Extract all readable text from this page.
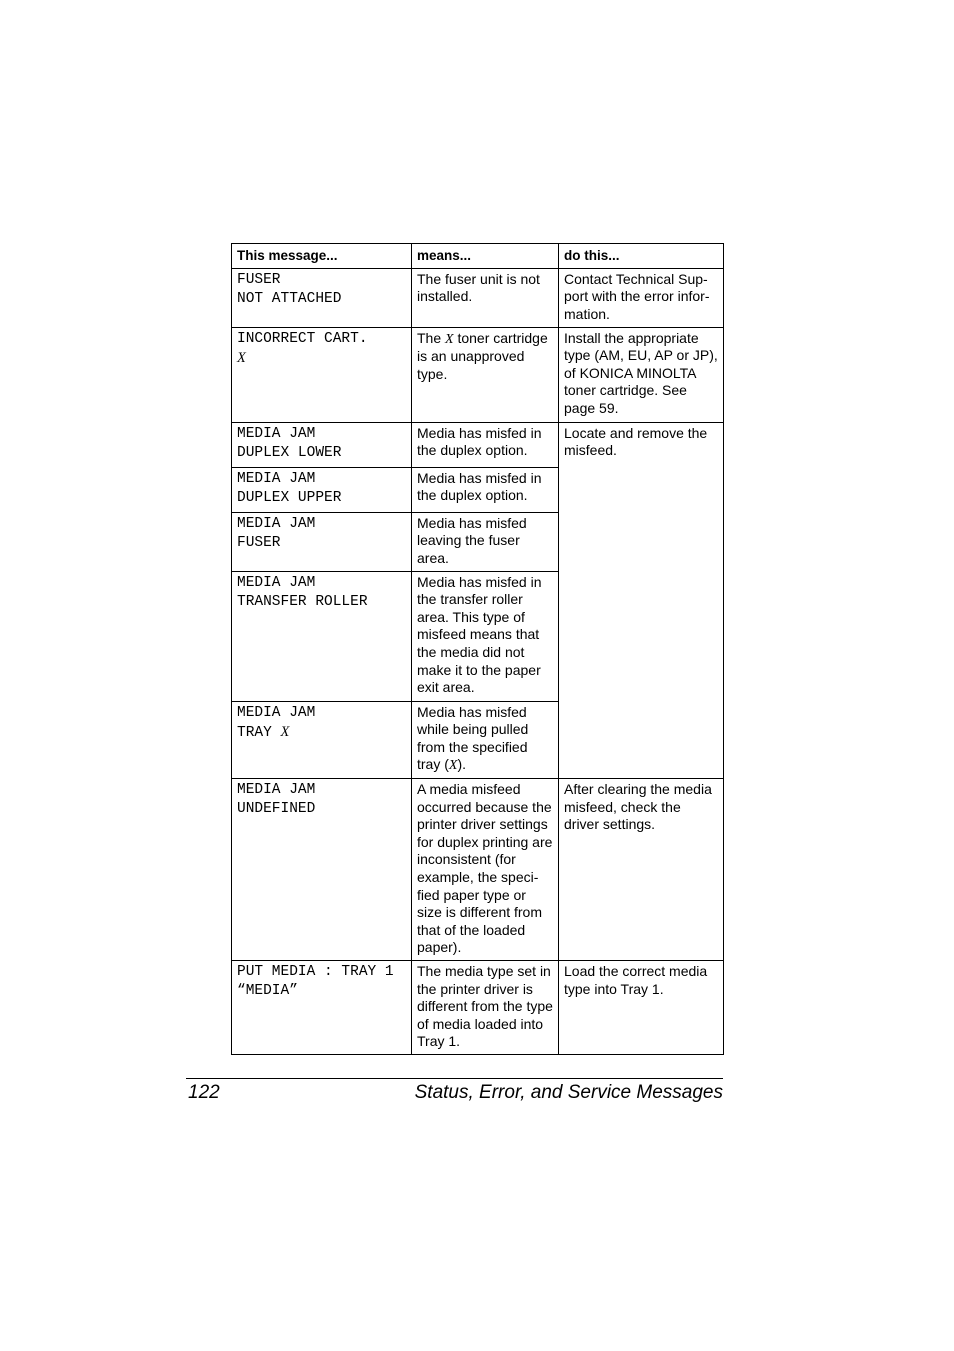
This message...	means...	do this...

FUSER
NOT ATTACHED	The fuser unit is not installed.	Contact Technical Sup-port with the error infor-mation.

INCORRECT CART.
X	The X toner cartridge is an unapproved type.	Install the appropriate type (AM, EU, AP or JP), of KONICA MINOLTA toner cartridge. See page 59.

MEDIA JAM
DUPLEX LOWER	Media has misfed in the duplex option.	Locate and remove the misfeed.

MEDIA JAM
DUPLEX UPPER	Media has misfed in the duplex option.	

MEDIA JAM
FUSER	Media has misfed leaving the fuser area.	

MEDIA JAM
TRANSFER ROLLER	Media has misfed in the transfer roller area. This type of misfeed means that the media did not make it to the paper exit area.	

MEDIA JAM
TRAY X	Media has misfed while being pulled from the specified tray (X).	

MEDIA JAM
UNDEFINED	A media misfeed occurred because the printer driver settings for duplex printing are inconsistent (for example, the speci-fied paper type or size is different from that of the loaded paper).	After clearing the media misfeed, check the driver settings.

PUT MEDIA : TRAY 1
“MEDIA”	The media type set in the printer driver is different from the type of media loaded into Tray 1.	Load the correct media type into Tray 1.
122	Status, Error, and Service Messages
